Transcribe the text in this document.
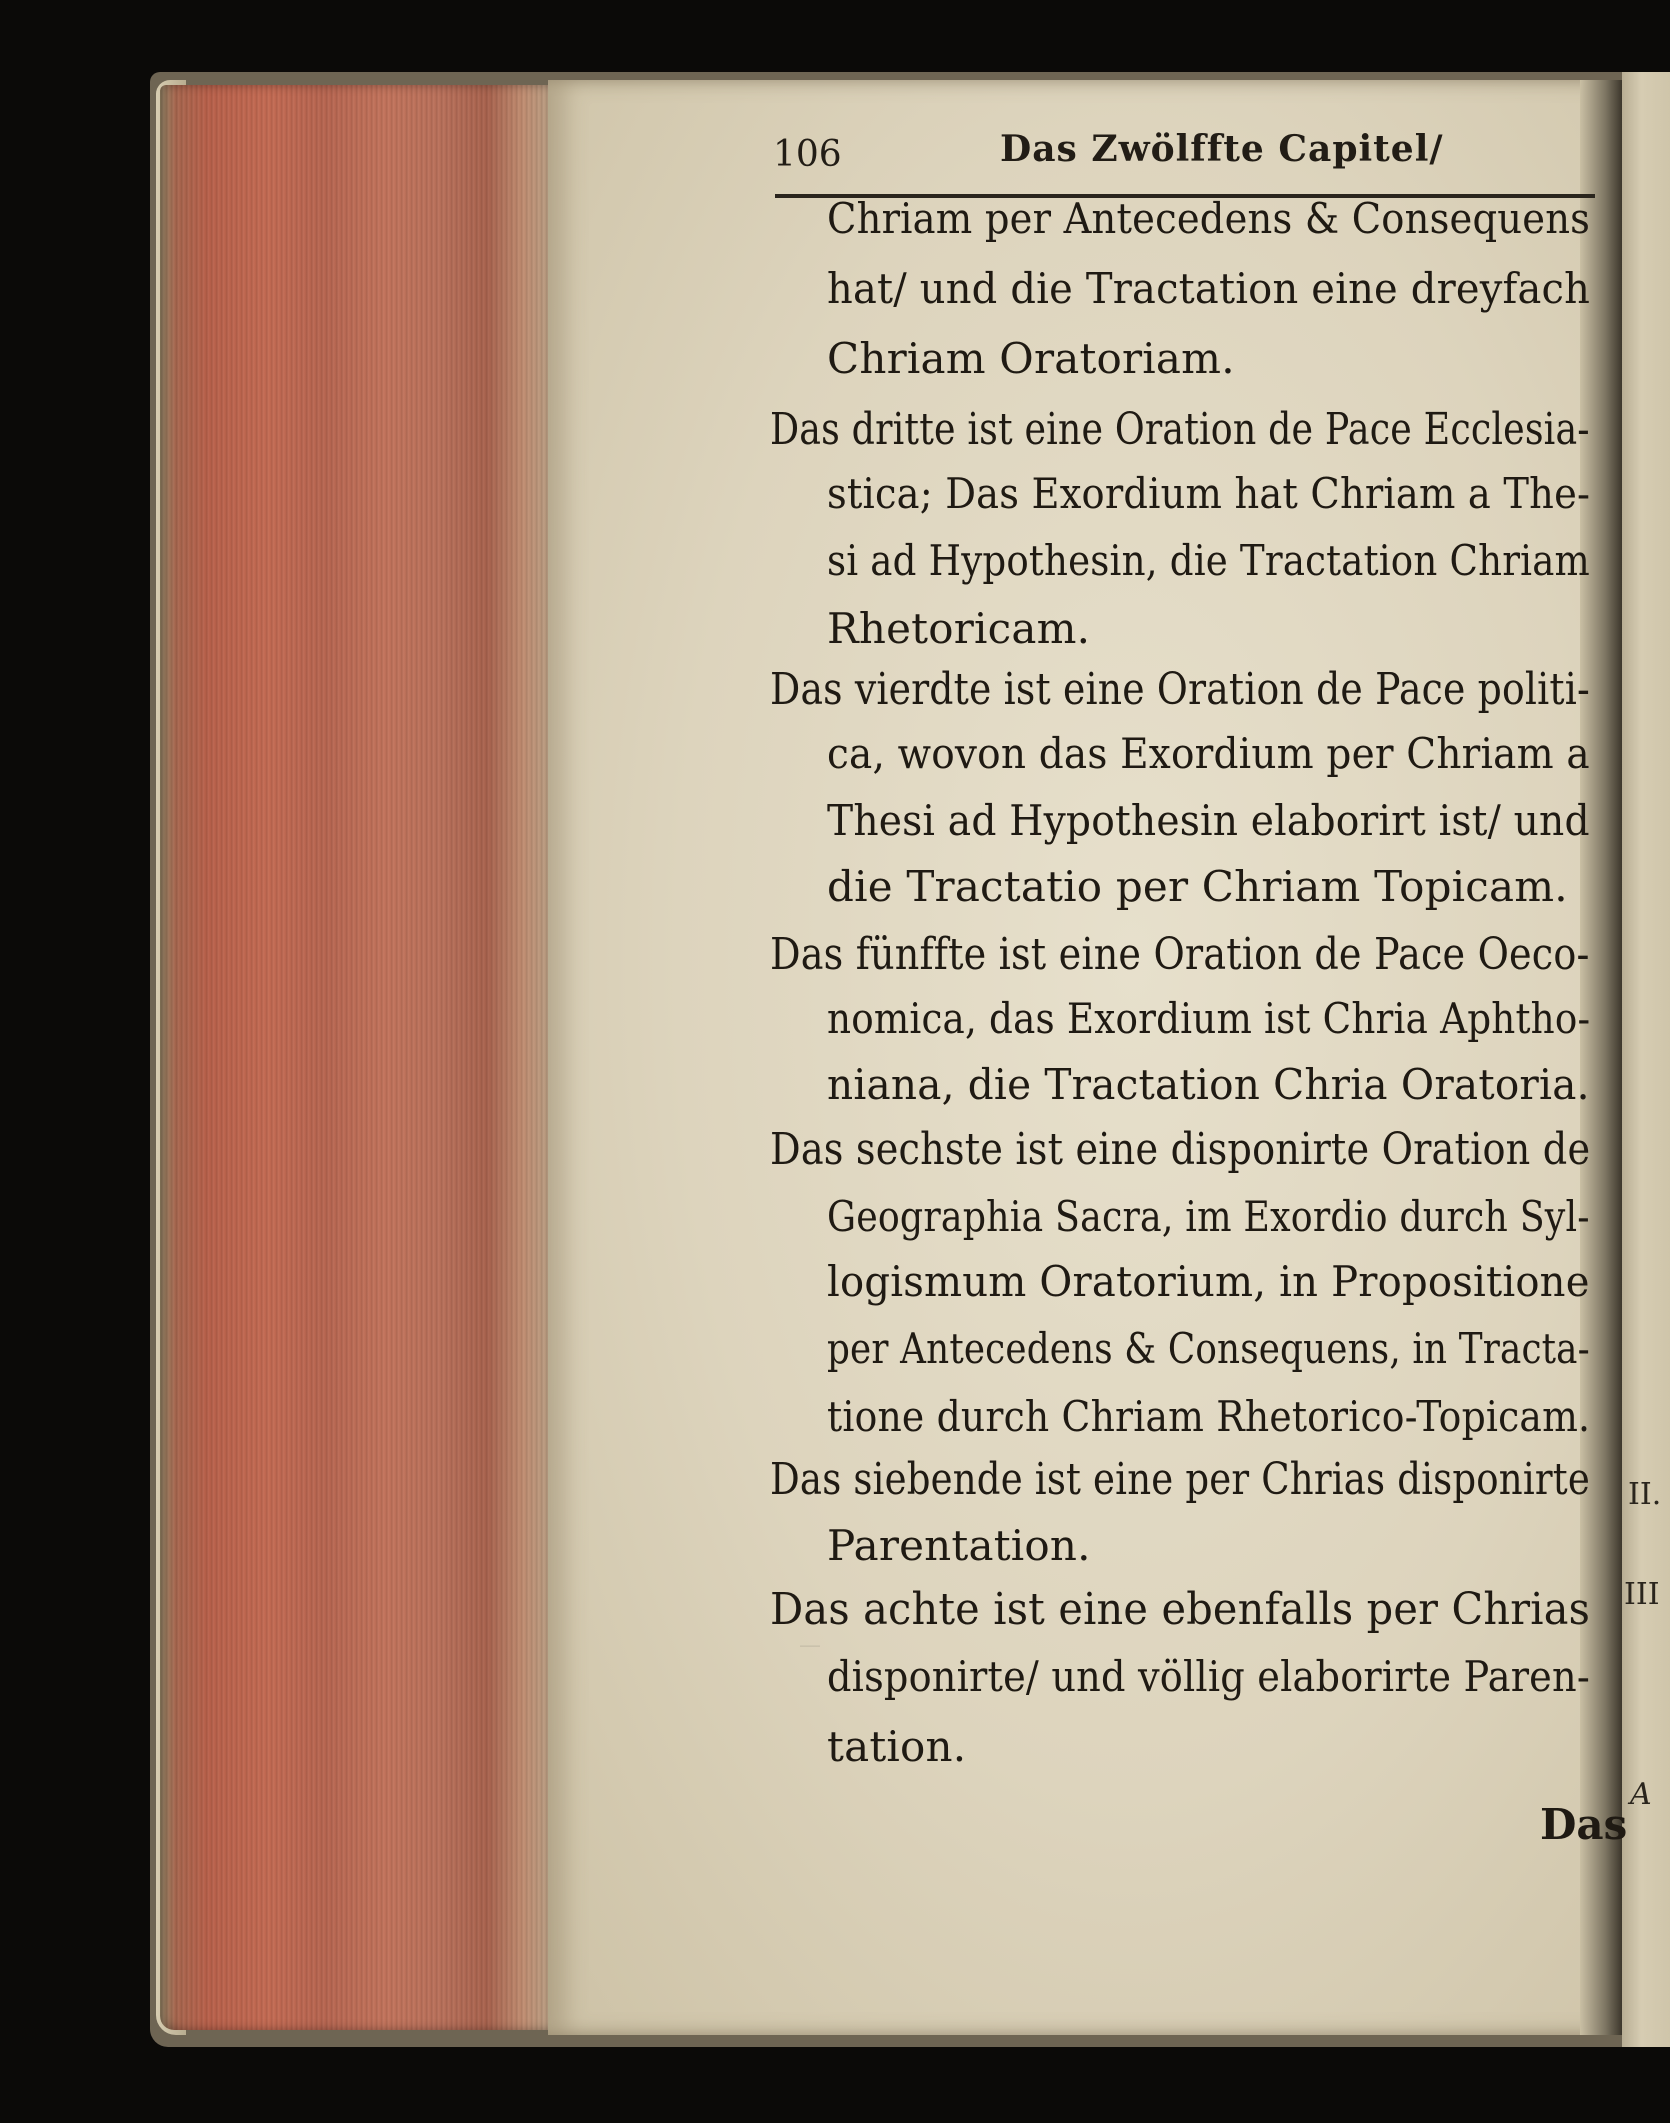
II.
III
A
106	Das Zwölffte Capitel/
Chriam per Antecedens & Consequens
hat/ und die Tractation eine dreyfach
Chriam Oratoriam.
Das dritte ist eine Oration de Pace Ecclesia-
stica; Das Exordium hat Chriam a The-
si ad Hypothesin, die Tractation Chriam
Rhetoricam.
Das vierdte ist eine Oration de Pace politi-
ca, wovon das Exordium per Chriam a
Thesi ad Hypothesin elaborirt ist/ und
die Tractatio per Chriam Topicam.
Das fünffte ist eine Oration de Pace Oeco-
nomica, das Exordium ist Chria Aphtho-
niana, die Tractation Chria Oratoria.
Das sechste ist eine disponirte Oration de
Geographia Sacra, im Exordio durch Syl-
logismum Oratorium, in Propositione
per Antecedens & Consequens, in Tracta-
tione durch Chriam Rhetorico-Topicam.
Das siebende ist eine per Chrias disponirte
Parentation.
Das achte ist eine ebenfalls per Chrias
disponirte/ und völlig elaborirte Paren-
tation.
Das
